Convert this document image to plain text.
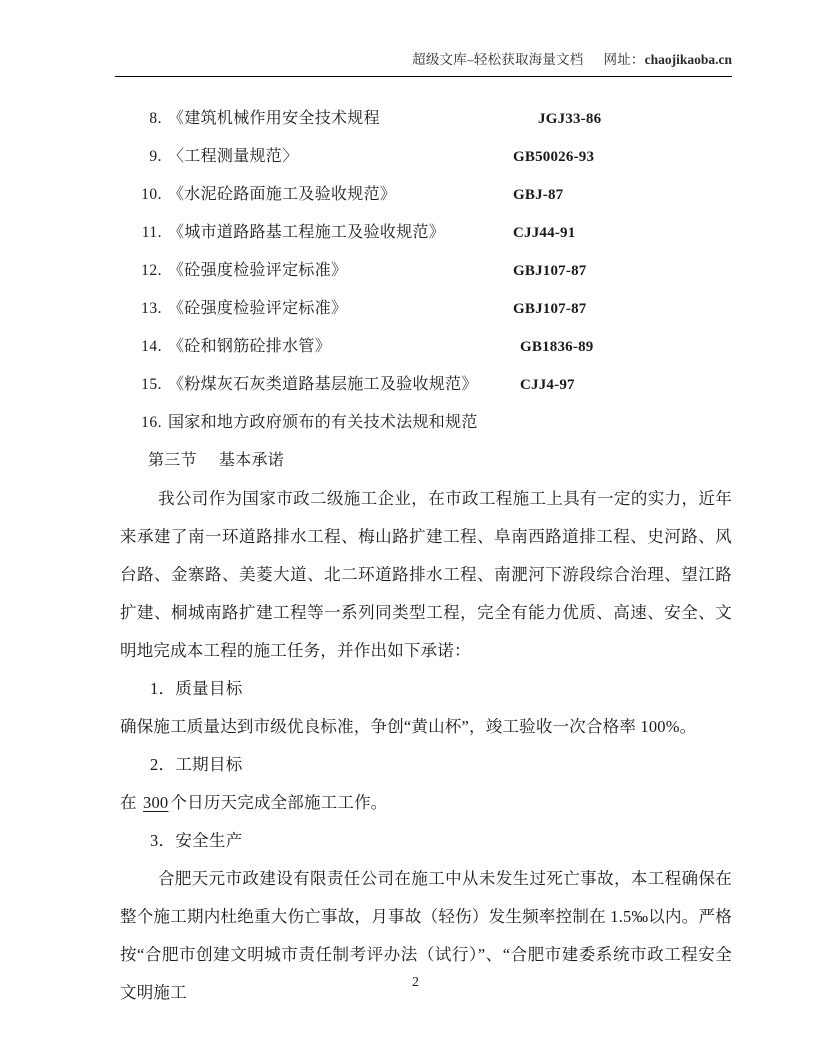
超级文库–轻松获取海量文档 网址：chaojikaoba.cn
8. 《建筑机械作用安全技术规程	JGJ33-86
9. 〈工程测量规范〉	GB50026-93
10. 《水泥砼路面施工及验收规范》	GBJ-87
11. 《城市道路路基工程施工及验收规范》	CJJ44-91
12. 《砼强度检验评定标准》	GBJ107-87
13. 《砼强度检验评定标准》	GBJ107-87
14. 《砼和钢筋砼排水管》	GB1836-89
15. 《粉煤灰石灰类道路基层施工及验收规范》	CJJ4-97
16. 国家和地方政府颁布的有关技术法规和规范
第三节 基本承诺

我公司作为国家市政二级施工企业，在市政工程施工上具有一定的实力，近年来承建了南一环道路排水工程、梅山路扩建工程、阜南西路道排工程、史河路、风台路、金寨路、美菱大道、北二环道路排水工程、南淝河下游段综合治理、望江路扩建、桐城南路扩建工程等一系列同类型工程，完全有能力优质、高速、安全、文明地完成本工程的施工任务，并作出如下承诺：

1．质量目标
确保施工质量达到市级优良标准，争创“黄山杯”，竣工验收一次合格率 100%。
2．工期目标
在 300 个日历天完成全部施工工作。
3．安全生产

合肥天元市政建设有限责任公司在施工中从未发生过死亡事故，本工程确保在整个施工期内杜绝重大伤亡事故，月事故（轻伤）发生频率控制在 1.5‰以内。严格按“合肥市创建文明城市责任制考评办法（试行）”、“合肥市建委系统市政工程安全文明施工

2
